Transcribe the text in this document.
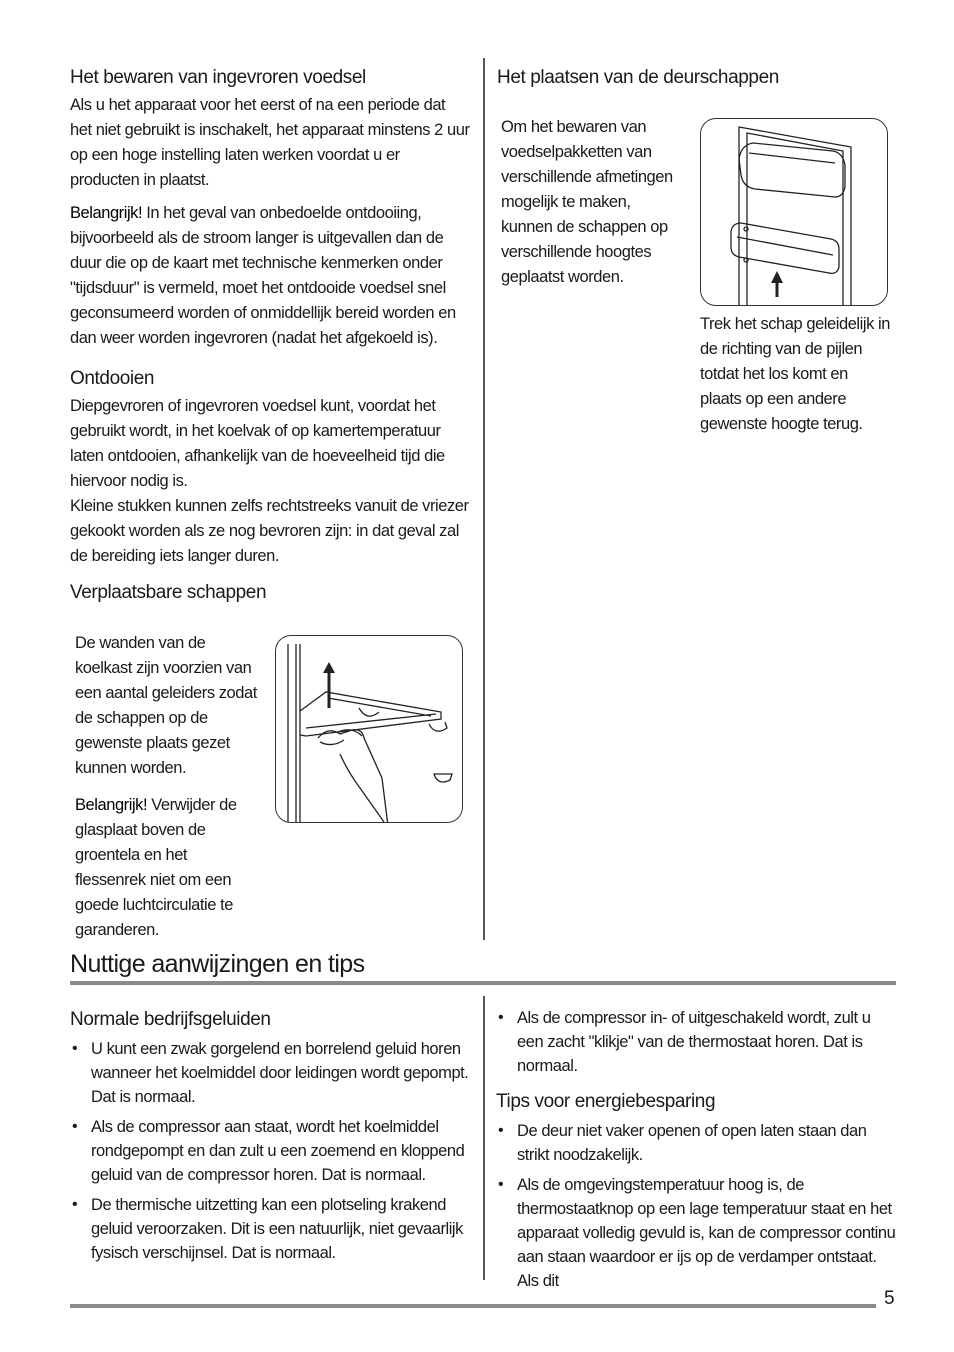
Het bewaren van ingevroren voedsel

Als u het apparaat voor het eerst of na een periode dat het niet gebruikt is inschakelt, het apparaat minstens 2 uur op een hoge instelling laten werken voordat u er producten in plaatst.

Belangrijk! In het geval van onbedoelde ontdooiing, bijvoorbeeld als de stroom langer is uitgevallen dan de duur die op de kaart met technische kenmerken onder "tijdsduur" is vermeld, moet het ontdooide voedsel snel geconsumeerd worden of onmiddellijk bereid worden en dan weer worden ingevroren (nadat het afgekoeld is).

Ontdooien

Diepgevroren of ingevroren voedsel kunt, voordat het gebruikt wordt, in het koelvak of op kamertemperatuur laten ontdooien, afhankelijk van de hoeveelheid tijd die hiervoor nodig is.

Kleine stukken kunnen zelfs rechtstreeks vanuit de vriezer gekookt worden als ze nog bevroren zijn: in dat geval zal de bereiding iets langer duren.

Verplaatsbare schappen

De wanden van de koelkast zijn voorzien van een aantal geleiders zodat de schappen op de gewenste plaats gezet kunnen worden.

Belangrijk! Verwijder de glasplaat boven de groentela en het flessenrek niet om een goede luchtcirculatie te garanderen.

Het plaatsen van de deurschappen

Om het bewaren van voedselpakketten van verschillende afmetingen mogelijk te maken, kunnen de schappen op verschillende hoogtes geplaatst worden.

Trek het schap geleidelijk in de richting van de pijlen totdat het los komt en plaats op een andere gewenste hoogte terug.

Nuttige aanwijzingen en tips
Normale bedrijfsgeluiden
• U kunt een zwak gorgelend en borrelend geluid horen wanneer het koelmiddel door leidingen wordt gepompt. Dat is normaal.
• Als de compressor aan staat, wordt het koelmiddel rondgepompt en dan zult u een zoemend en kloppend geluid van de compressor horen. Dat is normaal.
• De thermische uitzetting kan een plotseling krakend geluid veroorzaken. Dit is een natuurlijk, niet gevaarlijk fysisch verschijnsel. Dat is normaal.
• Als de compressor in- of uitgeschakeld wordt, zult u een zacht "klikje" van de thermostaat horen. Dat is normaal.
Tips voor energiebesparing
• De deur niet vaker openen of open laten staan dan strikt noodzakelijk.
• Als de omgevingstemperatuur hoog is, de thermostaatknop op een lage temperatuur staat en het apparaat volledig gevuld is, kan de compressor continu aan staan waardoor er ijs op de verdamper ontstaat. Als dit
5
